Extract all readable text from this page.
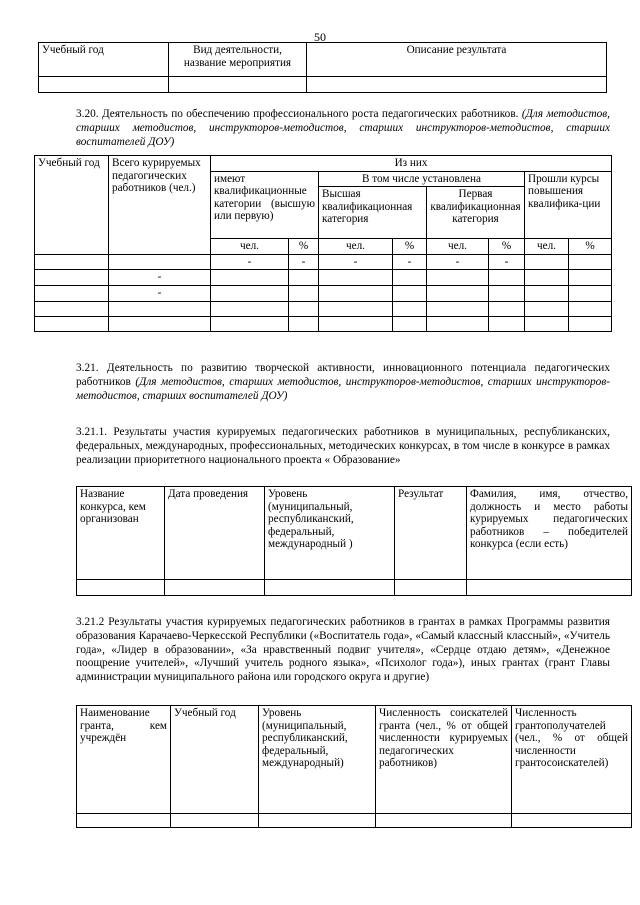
50
Учебный год	Вид деятельности, название мероприятия	Описание результата

3.20. Деятельность по обеспечению профессионального роста педагогических работников. (Для методистов, старших методистов, инструкторов-методистов, старших инструкторов-методистов, старших воспитателей ДОУ)
Учебный год	Всего курируемых педагогических работников (чел.)	Из них							
		имеют квалификационные категории (высшую или первую)		В том числе установлена				Прошли курсы повышения квалифика-ции	
				Высшая квалификационная категория		Первая квалификационная категория			
		чел.	%	чел.	%	чел.	%	чел.	%
		-	-	-	-	-	-		
	-								
	-								

3.21. Деятельность по развитию творческой активности, инновационного потенциала педагогических работников (Для методистов, старших методистов, инструкторов-методистов, старших инструкторов-методистов, старших воспитателей ДОУ)
3.21.1. Результаты участия курируемых педагогических работников в муниципальных, республиканских, федеральных, международных, профессиональных, методических конкурсах, в том числе в конкурсе в рамках реализации приоритетного национального проекта « Образование»
Название конкурса, кем организован	Дата проведения	Уровень (муниципальный, республиканский, федеральный, международный )	Результат	Фамилия, имя, отчество, должность и место работы курируемых педагогических работников – победителей конкурса (если есть)

3.21.2 Результаты участия курируемых педагогических работников в грантах в рамках Программы развития образования Карачаево-Черкесской Республики («Воспитатель года», «Самый классный классный», «Учитель года», «Лидер в образовании», «За нравственный подвиг учителя», «Сердце отдаю детям», «Денежное поощрение учителей», «Лучший учитель родного языка», «Психолог года»), иных грантах (грант Главы администрации муниципального района или городского округа и другие)
Наименование гранта, кем учреждён	Учебный год	Уровень (муниципальный, республиканский, федеральный, международный)	Численность соискателей гранта (чел., % от общей численности курируемых педагогических работников)	Численность грантополучателей (чел., % от общей численности грантосоискателей)
